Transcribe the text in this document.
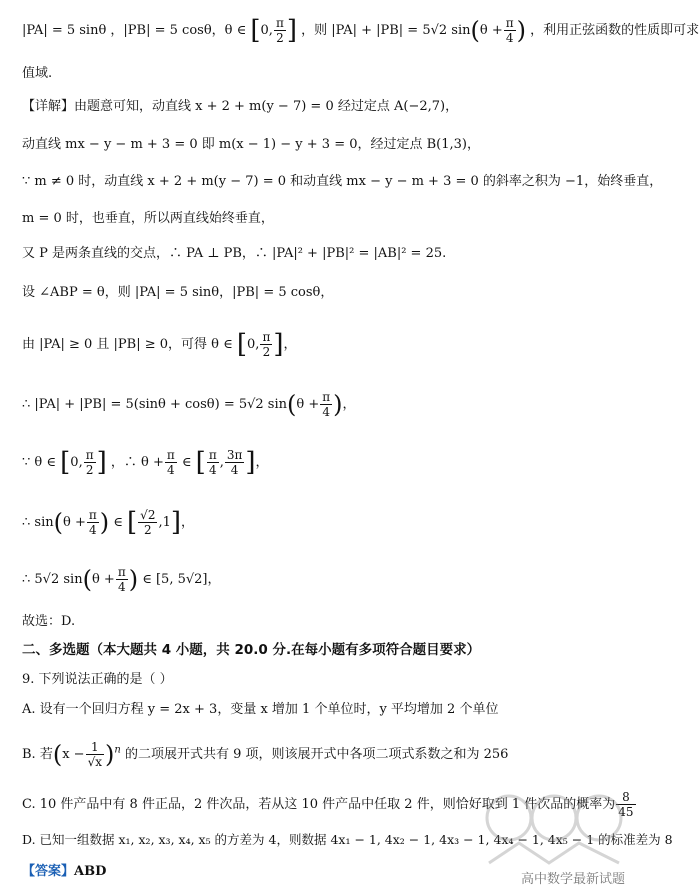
|PA| = 5 sinθ ，|PB| = 5 cosθ，θ ∈ [0, $\frac{\pi}{2}$ ] ，则 |PA| + |PB| = 5√2 $\sin(\theta + \frac{\pi}{4}$ ) ，利用正弦函数的性质即可求
值域.
【详解】由题意可知，动直线 x + 2 + m(y − 7) = 0 经过定点 A(−2,7)，
动直线 mx − y − m + 3 = 0 即 m(x − 1) − y + 3 = 0，经过定点 B(1,3)，
∵ m ≠ 0 时，动直线 x + 2 + m(y − 7) = 0 和动直线 mx − y − m + 3 = 0 的斜率之积为 −1，始终垂直，
m = 0 时，也垂直，所以两直线始终垂直，
又 P 是两条直线的交点，∴ PA ⊥ PB，∴ |PA|² + |PB|² = |AB|² = 25.
设 ∠ABP = θ，则 |PA| = 5 sinθ，|PB| = 5 cosθ，
由 |PA| ≥ 0 且 |PB| ≥ 0，可得 θ ∈ [0, $\frac{\pi}{2}$ ]，
∴ |PA| + |PB| = 5(sinθ + cosθ) = 5√2 $\sin(\theta + \frac{\pi}{4}$ )，
∵ θ ∈ [0, $\frac{\pi}{2}$ ] ，∴ $\theta + \frac{\pi}{4}$ ∈ [ $\frac{\pi}{4}$ , $\frac{3\pi}{4}$ ]，
∴ $\sin(\theta + \frac{\pi}{4}$ ) ∈ [ $\frac{√2}{2} ,1$]，
∴ 5√2 $\sin(\theta + \frac{\pi}{4}$ ) ∈ [5, 5√2]，
故选：D.
二、多选题（本大题共 4 小题，共 20.0 分.在每小题有多项符合题目要求）
9. 下列说法正确的是（ ）
A. 设有一个回归方程 y = 2x + 3，变量 x 增加 1 个单位时，y 平均增加 2 个单位
B. 若$(x - \frac{1}{√x} )^n$ 的二项展开式共有 9 项，则该展开式中各项二项式系数之和为 256
C. 10 件产品中有 8 件正品，2 件次品，若从这 10 件产品中任取 2 件，则恰好取到 1 件次品的概率为 $\frac{8}{45}$
D. 已知一组数据 x₁, x₂, x₃, x₄, x₅ 的方差为 4，则数据 4x₁ − 1, 4x₂ − 1, 4x₃ − 1, 4x₄ − 1, 4x₅ − 1 的标准差为 8
【答案】ABD
高中数学最新试题
